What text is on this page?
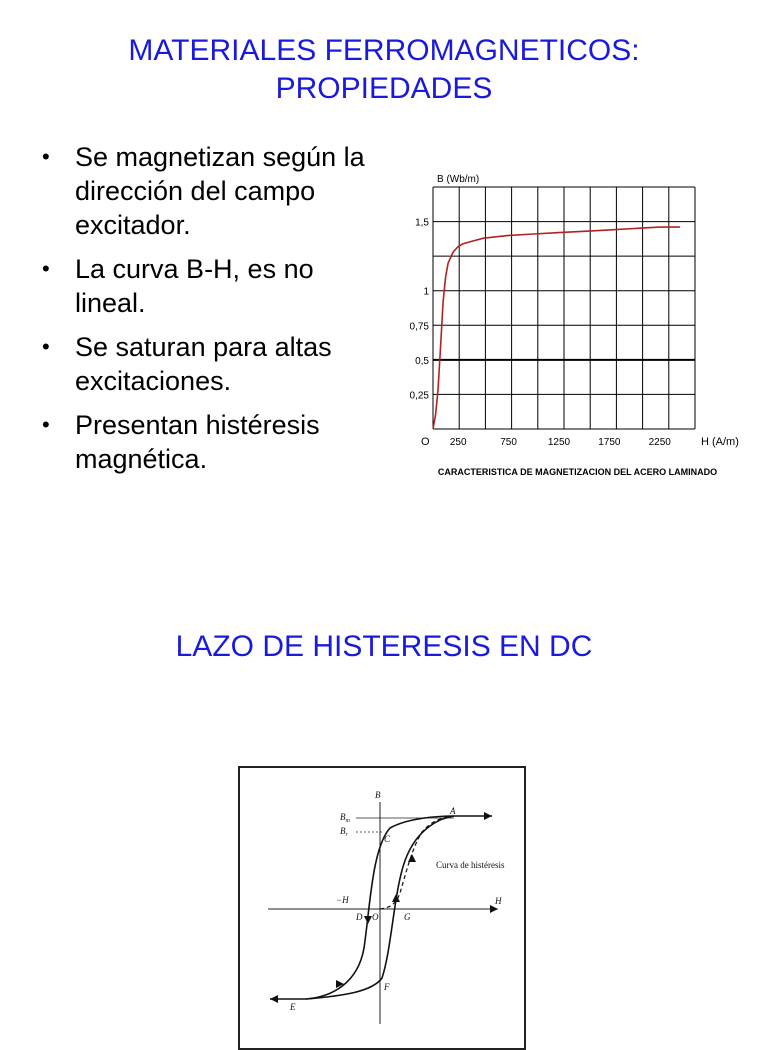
MATERIALES FERROMAGNETICOS:
PROPIEDADES
• Se magnetizan según la dirección del campo excitador.
• La curva B-H, es no lineal.
• Se saturan para altas excitaciones.
• Presentan histéresis magnética.
B (Wb/m)
H (A/m)
O 250	750	1250	1750	2250
0,25
0,5
0,75
1
1,5
CARACTERISTICA DE MAGNETIZACION DEL ACERO LAMINADO
LAZO DE HISTERESIS EN DC
B
H
−H
$B_m$
$B_r$
A
C
D O	G
F
E
Curva de histéresis
